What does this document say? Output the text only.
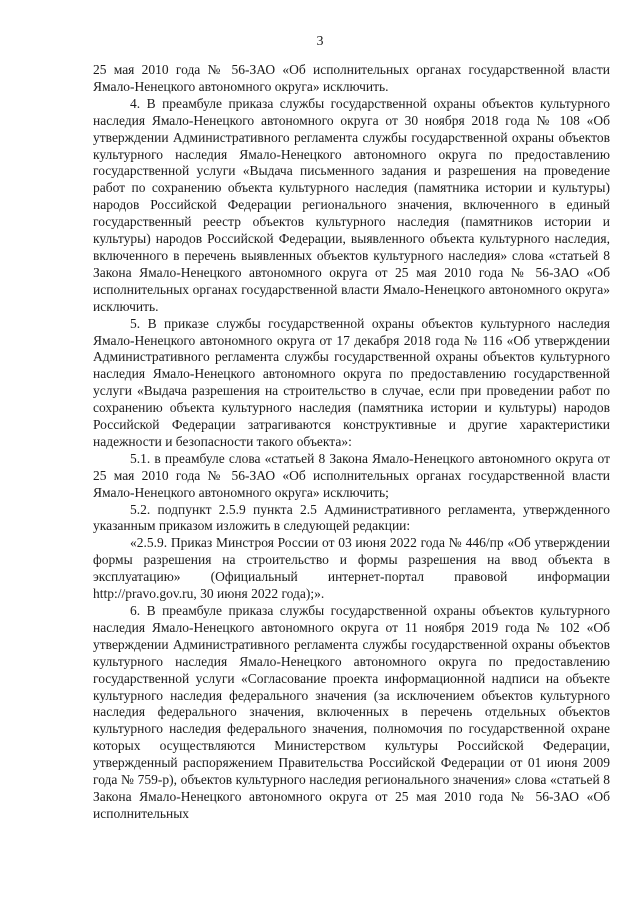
3

25 мая 2010 года № 56-ЗАО «Об исполнительных органах государственной власти Ямало-Ненецкого автономного округа» исключить.

4. В преамбуле приказа службы государственной охраны объектов культурного наследия Ямало-Ненецкого автономного округа от 30 ноября 2018 года № 108 «Об утверждении Административного регламента службы государственной охраны объектов культурного наследия Ямало-Ненецкого автономного округа по предоставлению государственной услуги «Выдача письменного задания и разрешения на проведение работ по сохранению объекта культурного наследия (памятника истории и культуры) народов Российской Федерации регионального значения, включенного в единый государственный реестр объектов культурного наследия (памятников истории и культуры) народов Российской Федерации, выявленного объекта культурного наследия, включенного в перечень выявленных объектов культурного наследия» слова «статьей 8 Закона Ямало-Ненецкого автономного округа от 25 мая 2010 года № 56-ЗАО «Об исполнительных органах государственной власти Ямало-Ненецкого автономного округа» исключить.

5. В приказе службы государственной охраны объектов культурного наследия Ямало-Ненецкого автономного округа от 17 декабря 2018 года № 116 «Об утверждении Административного регламента службы государственной охраны объектов культурного наследия Ямало-Ненецкого автономного округа по предоставлению государственной услуги «Выдача разрешения на строительство в случае, если при проведении работ по сохранению объекта культурного наследия (памятника истории и культуры) народов Российской Федерации затрагиваются конструктивные и другие характеристики надежности и безопасности такого объекта»:

5.1. в преамбуле слова «статьей 8 Закона Ямало-Ненецкого автономного округа от 25 мая 2010 года № 56-ЗАО «Об исполнительных органах государственной власти Ямало-Ненецкого автономного округа» исключить;

5.2. подпункт 2.5.9 пункта 2.5 Административного регламента, утвержденного указанным приказом изложить в следующей редакции:

«2.5.9. Приказ Минстроя России от 03 июня 2022 года № 446/пр «Об утверждении формы разрешения на строительство и формы разрешения на ввод объекта в эксплуатацию» (Официальный интернет-портал правовой информации http://pravo.gov.ru, 30 июня 2022 года);».

6. В преамбуле приказа службы государственной охраны объектов культурного наследия Ямало-Ненецкого автономного округа от 11 ноября 2019 года № 102 «Об утверждении Административного регламента службы государственной охраны объектов культурного наследия Ямало-Ненецкого автономного округа по предоставлению государственной услуги «Согласование проекта информационной надписи на объекте культурного наследия федерального значения (за исключением объектов культурного наследия федерального значения, включенных в перечень отдельных объектов культурного наследия федерального значения, полномочия по государственной охране которых осуществляются Министерством культуры Российской Федерации, утвержденный распоряжением Правительства Российской Федерации от 01 июня 2009 года № 759-р), объектов культурного наследия регионального значения» слова «статьей 8 Закона Ямало-Ненецкого автономного округа от 25 мая 2010 года № 56-ЗАО «Об исполнительных
